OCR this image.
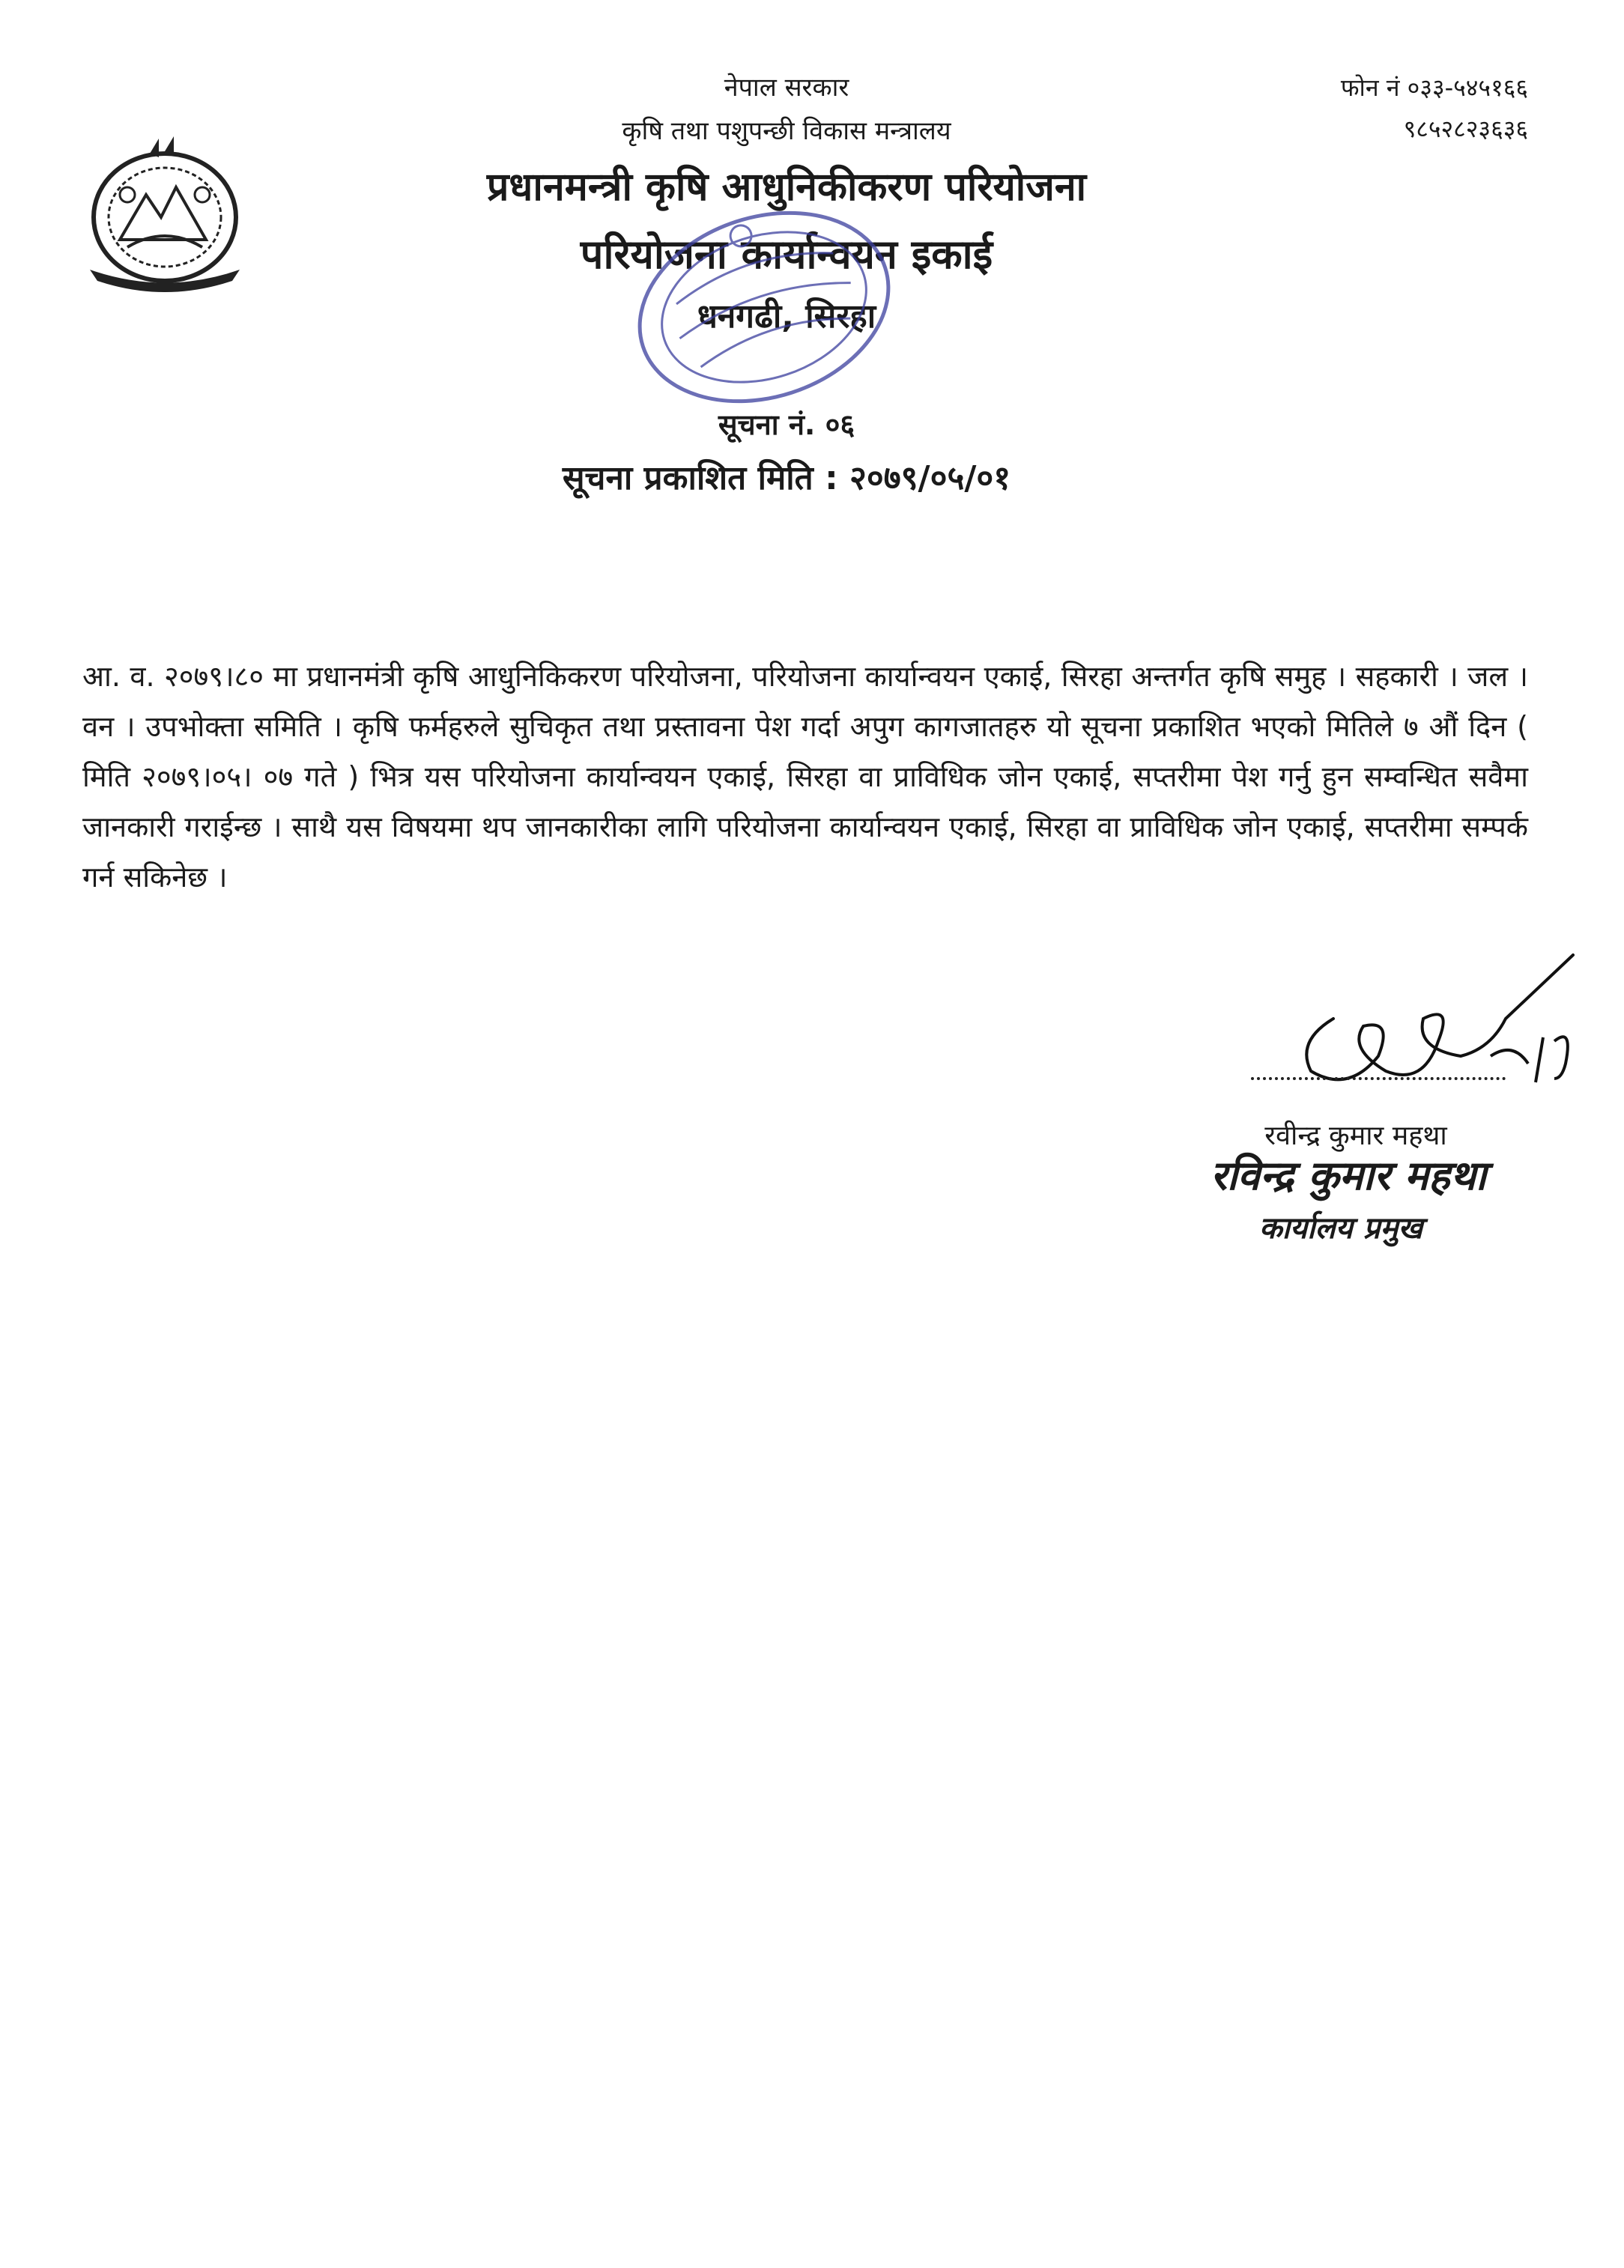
नेपाल सरकार
कृषि तथा पशुपन्छी विकास मन्त्रालय
प्रधानमन्त्री कृषि आधुनिकीकरण परियोजना
परियोजना कार्यान्वयन इकाई
धनगढी, सिरहा
सूचना नं. ०६
सूचना प्रकाशित मिति : २०७९/०५/०१
फोन नं ०३३-५४५१६६
९८५२८२३६३६
आ. व. २०७९।८० मा प्रधानमंत्री कृषि आधुनिकिकरण परियोजना, परियोजना कार्यान्वयन एकाई, सिरहा अन्तर्गत कृषि समुह । सहकारी । जल । वन । उपभोक्ता समिति । कृषि फर्महरुले सुचिकृत तथा प्रस्तावना पेश गर्दा अपुग कागजातहरु यो सूचना प्रकाशित भएको मितिले ७ औं दिन ( मिति २०७९।०५। ०७ गते ) भित्र यस परियोजना कार्यान्वयन एकाई, सिरहा वा प्राविधिक जोन एकाई, सप्तरीमा पेश गर्नु हुन सम्वन्धित सवैमा जानकारी गराईन्छ । साथै यस विषयमा थप जानकारीका लागि परियोजना कार्यान्वयन एकाई, सिरहा वा प्राविधिक जोन एकाई, सप्तरीमा सम्पर्क गर्न सकिनेछ ।
रवीन्द्र कुमार महथा
रविन्द्र कुमार महथा
कार्यालय प्रमुख
